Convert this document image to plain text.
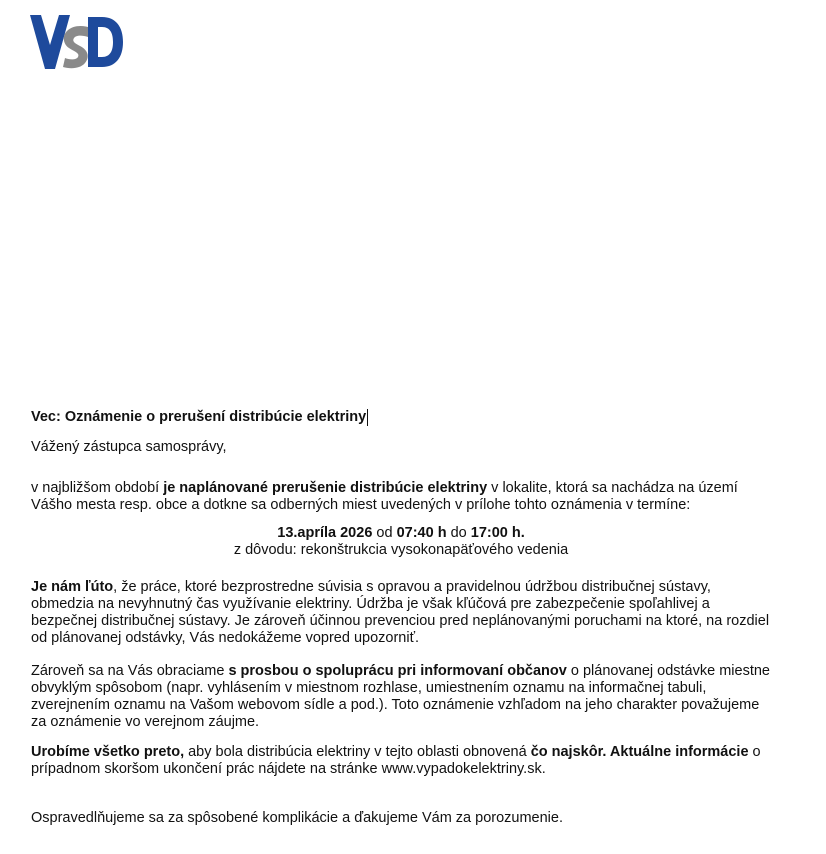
Vec: Oznámenie o prerušení distribúcie elektriny

Vážený zástupca samosprávy,

v najbližšom období je naplánované prerušenie distribúcie elektriny v lokalite, ktorá sa nachádza na území Vášho mesta resp. obce a dotkne sa odberných miest uvedených v prílohe tohto oznámenia v termíne:

13.apríla 2026 od 07:40 h do 17:00 h.
z dôvodu: rekonštrukcia vysokonapäťového vedenia

Je nám ľúto, že práce, ktoré bezprostredne súvisia s opravou a pravidelnou údržbou distribučnej sústavy, obmedzia na nevyhnutný čas využívanie elektriny. Údržba je však kľúčová pre zabezpečenie spoľahlivej a bezpečnej distribučnej sústavy. Je zároveň účinnou prevenciou pred neplánovanými poruchami na ktoré, na rozdiel od plánovanej odstávky, Vás nedokážeme vopred upozorniť.

Zároveň sa na Vás obraciame s prosbou o spoluprácu pri informovaní občanov o plánovanej odstávke miestne obvyklým spôsobom (napr. vyhlásením v miestnom rozhlase, umiestnením oznamu na informačnej tabuli, zverejnením oznamu na Vašom webovom sídle a pod.). Toto oznámenie vzhľadom na jeho charakter považujeme za oznámenie vo verejnom záujme.

Urobíme všetko preto, aby bola distribúcia elektriny v tejto oblasti obnovená čo najskôr. Aktuálne informácie o prípadnom skoršom ukončení prác nájdete na stránke www.vypadokelektriny.sk.

Ospravedlňujeme sa za spôsobené komplikácie a ďakujeme Vám za porozumenie.
